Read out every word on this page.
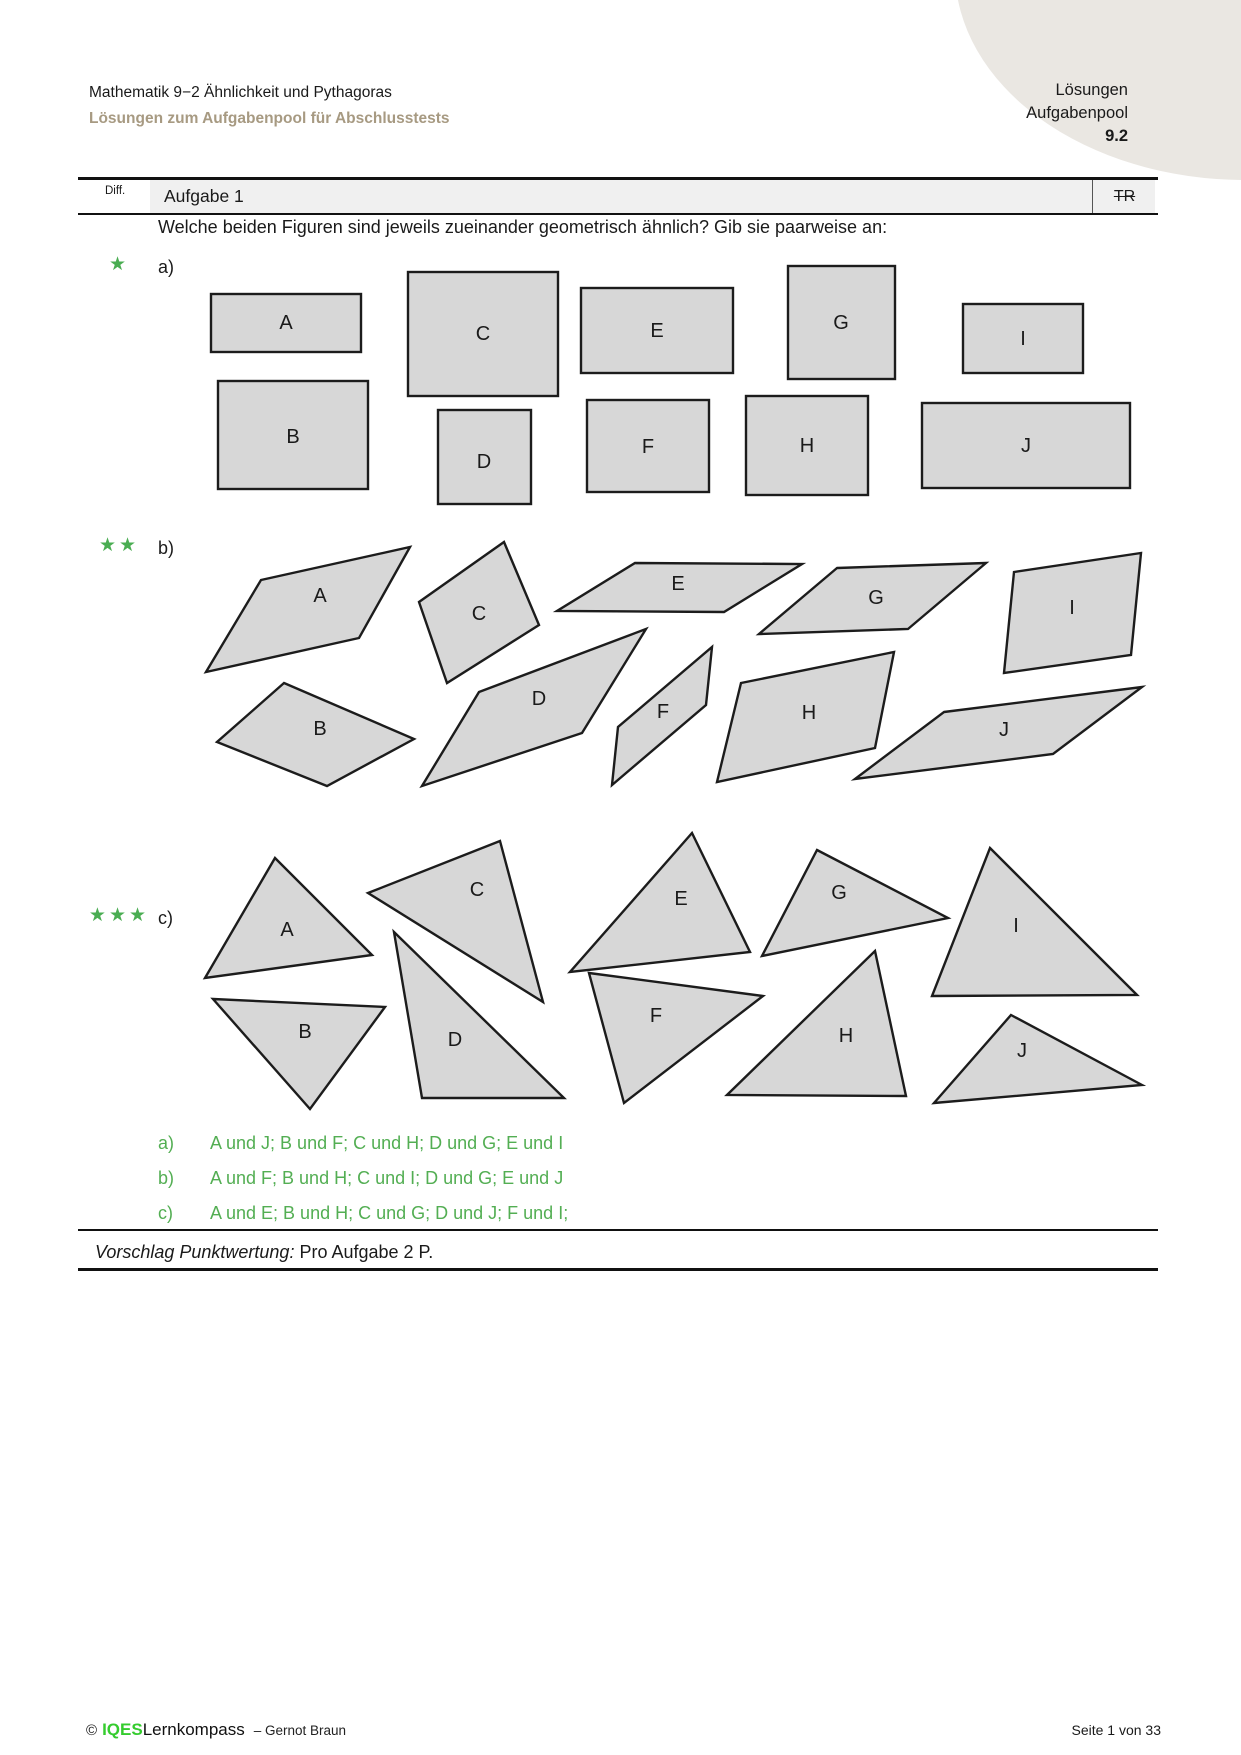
Mathematik 9−2 Ähnlichkeit und Pythagoras
Lösungen zum Aufgabenpool für Abschlusstests
Lösungen
Aufgabenpool
9.2
Diff. Aufgabe 1	TR
Welche beiden Figuren sind jeweils zueinander geometrisch ähnlich? Gib sie paarweise an:
★	a)
A
B
C
D
E
F
G
H
I
J
★★	b)
A
B
C
D
E
F
G
H
I
J
★★★ c)
A
B
C
D
E
F
G
H
I
J
a) A und J; B und F; C und H; D und G; E und I
b) A und F; B und H; C und I; D und G; E und J
c) A und E; B und H; C und G; D und J; F und I;
Vorschlag Punktwertung: Pro Aufgabe 2 P.
© IQES Lernkompass – Gernot Braun	Seite 1 von 33
